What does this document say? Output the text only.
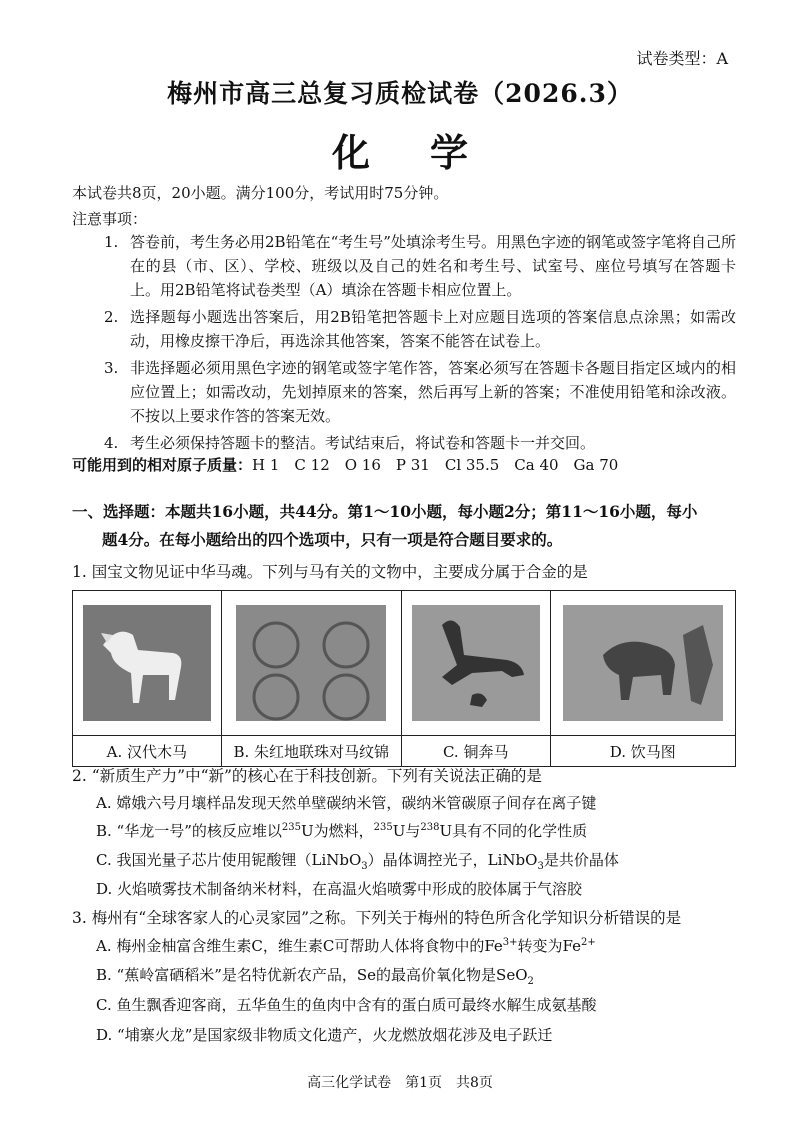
试卷类型：A
梅州市高三总复习质检试卷（2026.3）
化学
本试卷共8页，20小题。满分100分，考试用时75分钟。
注意事项：
1. 答卷前，考生务必用2B铅笔在“考生号”处填涂考生号。用黑色字迹的钢笔或签字笔将自己所在的县（市、区）、学校、班级以及自己的姓名和考生号、试室号、座位号填写在答题卡上。用2B铅笔将试卷类型（A）填涂在答题卡相应位置上。
2. 选择题每小题选出答案后，用2B铅笔把答题卡上对应题目选项的答案信息点涂黑；如需改动，用橡皮擦干净后，再选涂其他答案，答案不能答在试卷上。
3. 非选择题必须用黑色字迹的钢笔或签字笔作答，答案必须写在答题卡各题目指定区域内的相应位置上；如需改动，先划掉原来的答案，然后再写上新的答案；不准使用铅笔和涂改液。不按以上要求作答的答案无效。
4. 考生必须保持答题卡的整洁。考试结束后，将试卷和答题卡一并交回。
可能用到的相对原子质量：H 1　C 12　O 16　P 31　Cl 35.5　Ca 40　Ga 70
一、选择题：本题共16小题，共44分。第1～10小题，每小题2分；第11～16小题，每小
题4分。在每小题给出的四个选项中，只有一项是符合题目要求的。
1. 国宝文物见证中华马魂。下列与马有关的文物中，主要成分属于合金的是

A. 汉代木马	B. 朱红地联珠对马纹锦	C. 铜奔马	D. 饮马图
2. “新质生产力”中“新”的核心在于科技创新。下列有关说法正确的是
A. 嫦娥六号月壤样品发现天然单壁碳纳米管，碳纳米管碳原子间存在离子键
B. “华龙一号”的核反应堆以$^{235}$U为燃料，$^{235}$U与$^{238}$U具有不同的化学性质
C. 我国光量子芯片使用铌酸锂（LiNbO$_3$）晶体调控光子，LiNbO$_3$是共价晶体
D. 火焰喷雾技术制备纳米材料，在高温火焰喷雾中形成的胶体属于气溶胶
3. 梅州有“全球客家人的心灵家园”之称。下列关于梅州的特色所含化学知识分析错误的是
A. 梅州金柚富含维生素C，维生素C可帮助人体将食物中的$Fe^{3+}$转变为$Fe^{2+}$
B. “蕉岭富硒稻米”是名特优新农产品，Se的最高价氧化物是SeO$_2$
C. 鱼生飘香迎客商，五华鱼生的鱼肉中含有的蛋白质可最终水解生成氨基酸
D. “埔寨火龙”是国家级非物质文化遗产，火龙燃放烟花涉及电子跃迁
高三化学试卷　第1页　共8页
